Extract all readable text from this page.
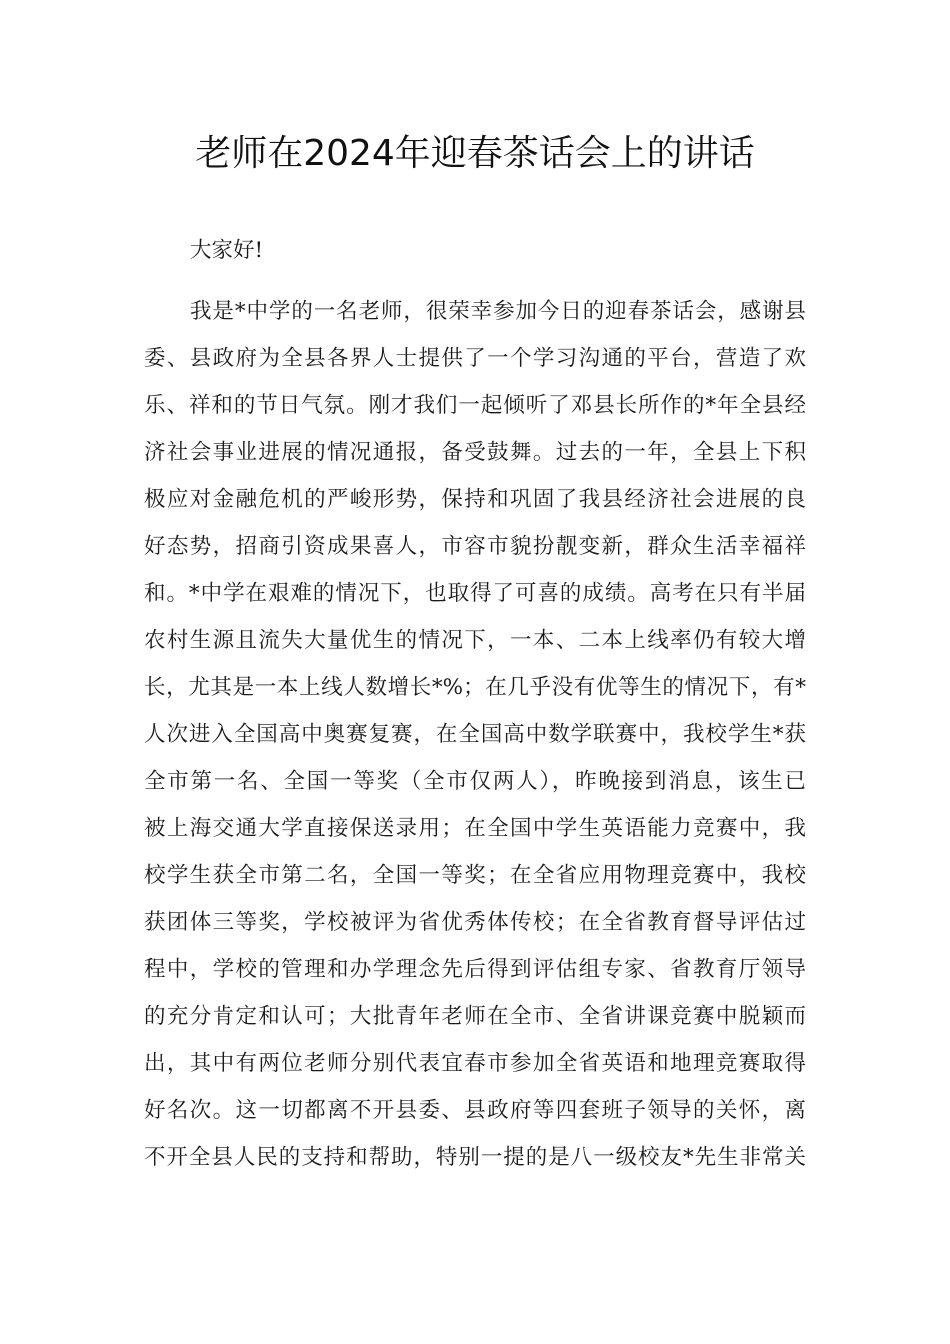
老师在2024年迎春茶话会上的讲话

大家好!

我是*中学的一名老师，很荣幸参加今日的迎春茶话会，感谢县

委、县政府为全县各界人士提供了一个学习沟通的平台，营造了欢

乐、祥和的节日气氛。刚才我们一起倾听了邓县长所作的*年全县经

济社会事业进展的情况通报，备受鼓舞。过去的一年，全县上下积

极应对金融危机的严峻形势，保持和巩固了我县经济社会进展的良

好态势，招商引资成果喜人，市容市貌扮靓变新，群众生活幸福祥

和。*中学在艰难的情况下，也取得了可喜的成绩。高考在只有半届

农村生源且流失大量优生的情况下，一本、二本上线率仍有较大增

长，尤其是一本上线人数增长*%；在几乎没有优等生的情况下，有*

人次进入全国高中奥赛复赛，在全国高中数学联赛中，我校学生*获

全市第一名、全国一等奖（全市仅两人），昨晚接到消息，该生已

被上海交通大学直接保送录用；在全国中学生英语能力竞赛中，我

校学生获全市第二名，全国一等奖；在全省应用物理竞赛中，我校

获团体三等奖，学校被评为省优秀体传校；在全省教育督导评估过

程中，学校的管理和办学理念先后得到评估组专家、省教育厅领导

的充分肯定和认可；大批青年老师在全市、全省讲课竞赛中脱颖而

出，其中有两位老师分别代表宜春市参加全省英语和地理竞赛取得

好名次。这一切都离不开县委、县政府等四套班子领导的关怀，离

不开全县人民的支持和帮助，特别一提的是八一级校友*先生非常关
